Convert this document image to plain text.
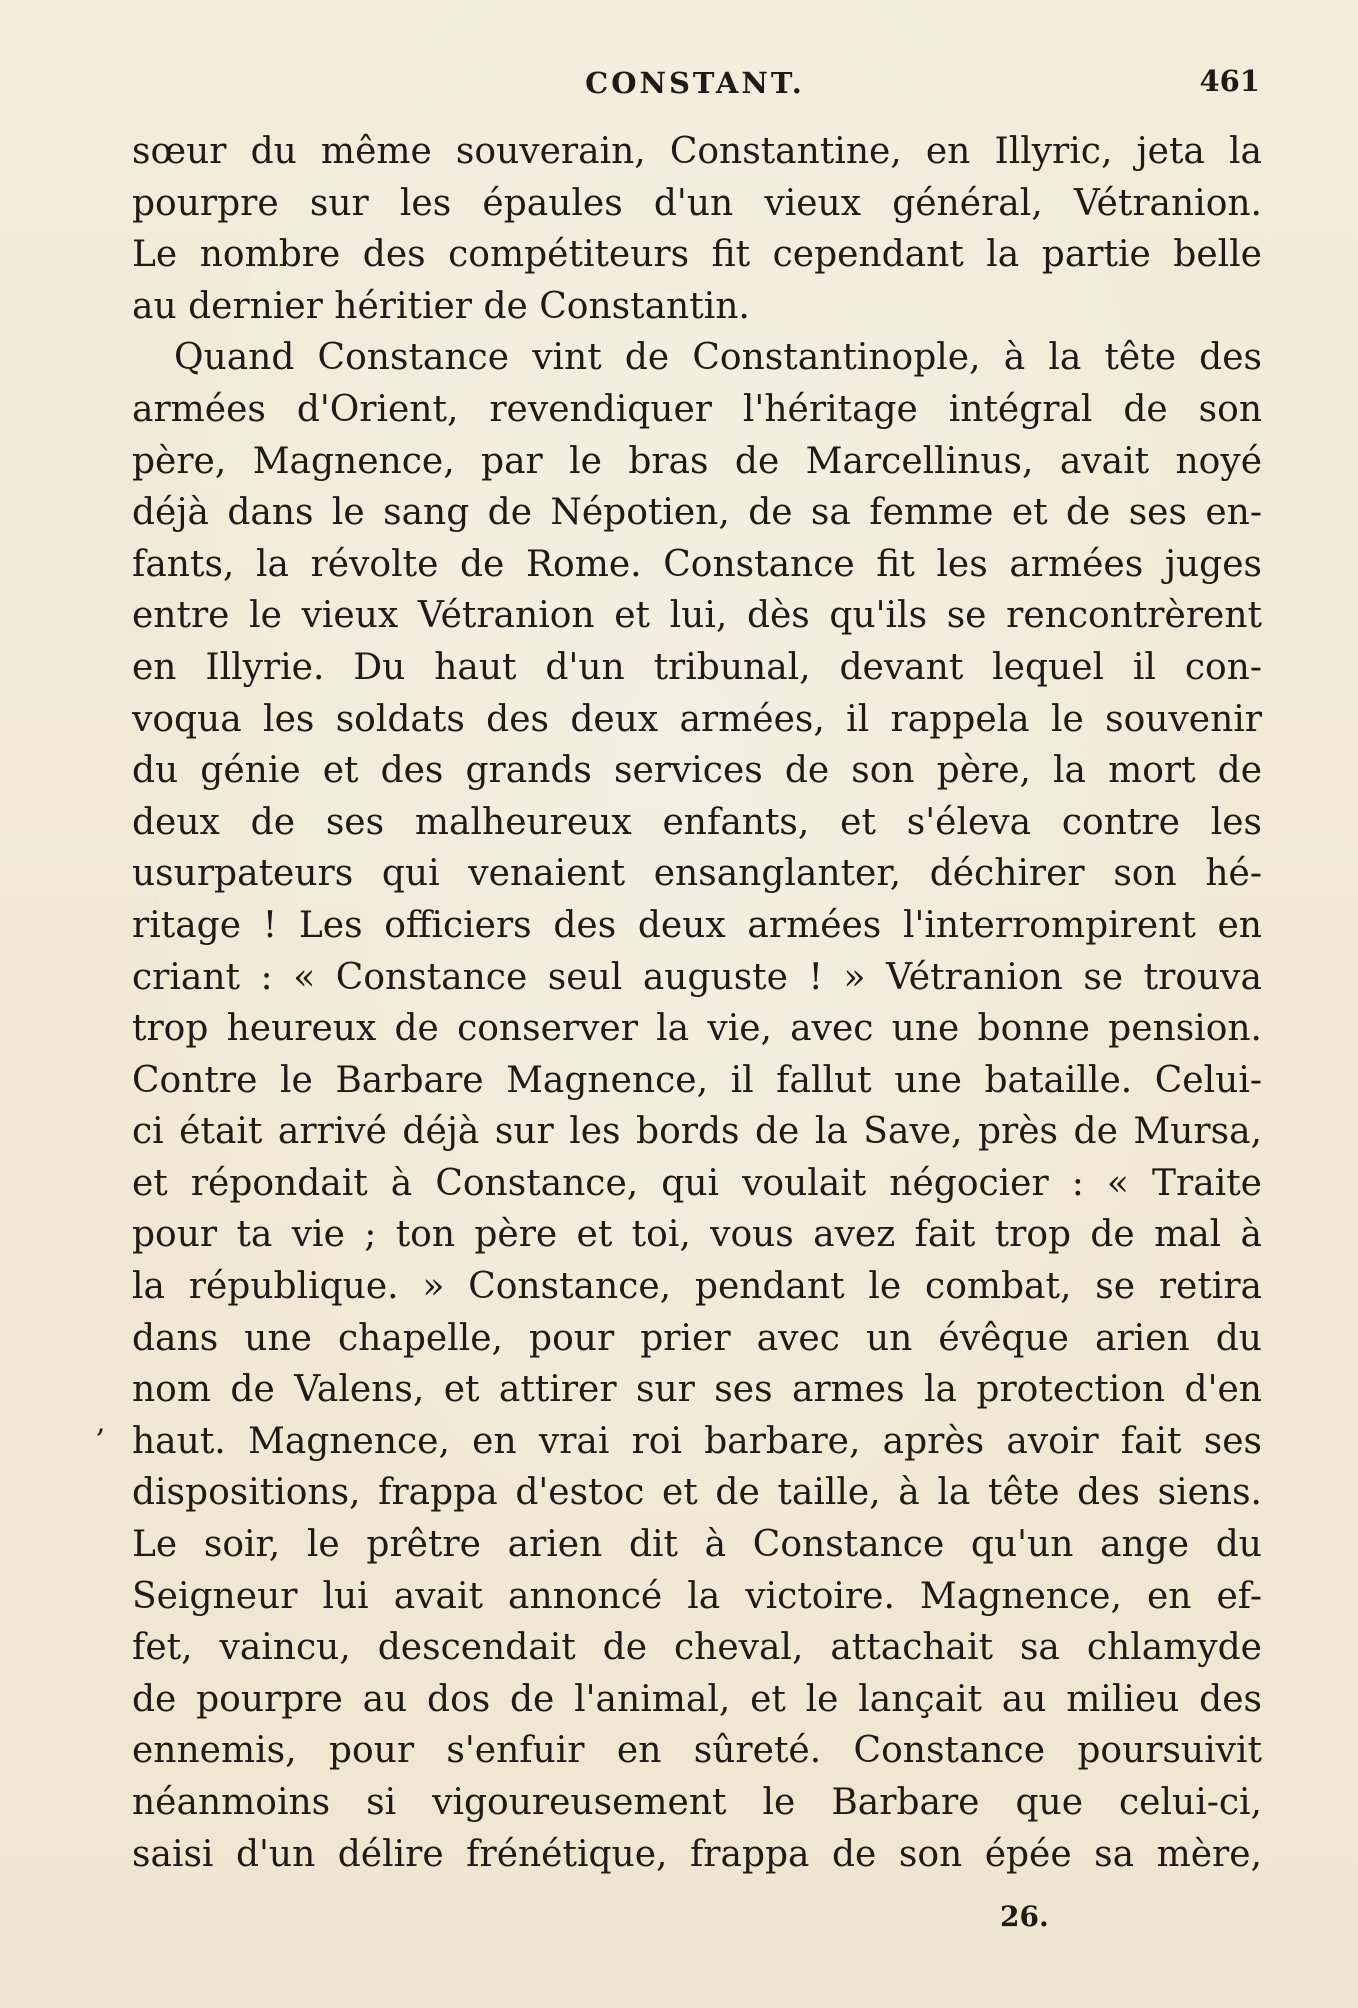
CONSTANT.	461
sœur du même souverain, Constantine, en Illyric, jeta la
pourpre sur les épaules d'un vieux général, Vétranion.
Le nombre des compétiteurs fit cependant la partie belle
au dernier héritier de Constantin.
Quand Constance vint de Constantinople, à la tête des
armées d'Orient, revendiquer l'héritage intégral de son
père, Magnence, par le bras de Marcellinus, avait noyé
déjà dans le sang de Népotien, de sa femme et de ses en-
fants, la révolte de Rome. Constance fit les armées juges
entre le vieux Vétranion et lui, dès qu'ils se rencontrèrent
en Illyrie. Du haut d'un tribunal, devant lequel il con-
voqua les soldats des deux armées, il rappela le souvenir
du génie et des grands services de son père, la mort de
deux de ses malheureux enfants, et s'éleva contre les
usurpateurs qui venaient ensanglanter, déchirer son hé-
ritage ! Les officiers des deux armées l'interrompirent en
criant : « Constance seul auguste ! » Vétranion se trouva
trop heureux de conserver la vie, avec une bonne pension.
Contre le Barbare Magnence, il fallut une bataille. Celui-
ci était arrivé déjà sur les bords de la Save, près de Mursa,
et répondait à Constance, qui voulait négocier : « Traite
pour ta vie ; ton père et toi, vous avez fait trop de mal à
la république. » Constance, pendant le combat, se retira
dans une chapelle, pour prier avec un évêque arien du
nom de Valens, et attirer sur ses armes la protection d'en
haut. Magnence, en vrai roi barbare, après avoir fait ses
dispositions, frappa d'estoc et de taille, à la tête des siens.
Le soir, le prêtre arien dit à Constance qu'un ange du
Seigneur lui avait annoncé la victoire. Magnence, en ef-
fet, vaincu, descendait de cheval, attachait sa chlamyde
de pourpre au dos de l'animal, et le lançait au milieu des
ennemis, pour s'enfuir en sûreté. Constance poursuivit
néanmoins si vigoureusement le Barbare que celui-ci,
saisi d'un délire frénétique, frappa de son épée sa mère,
,
26.
